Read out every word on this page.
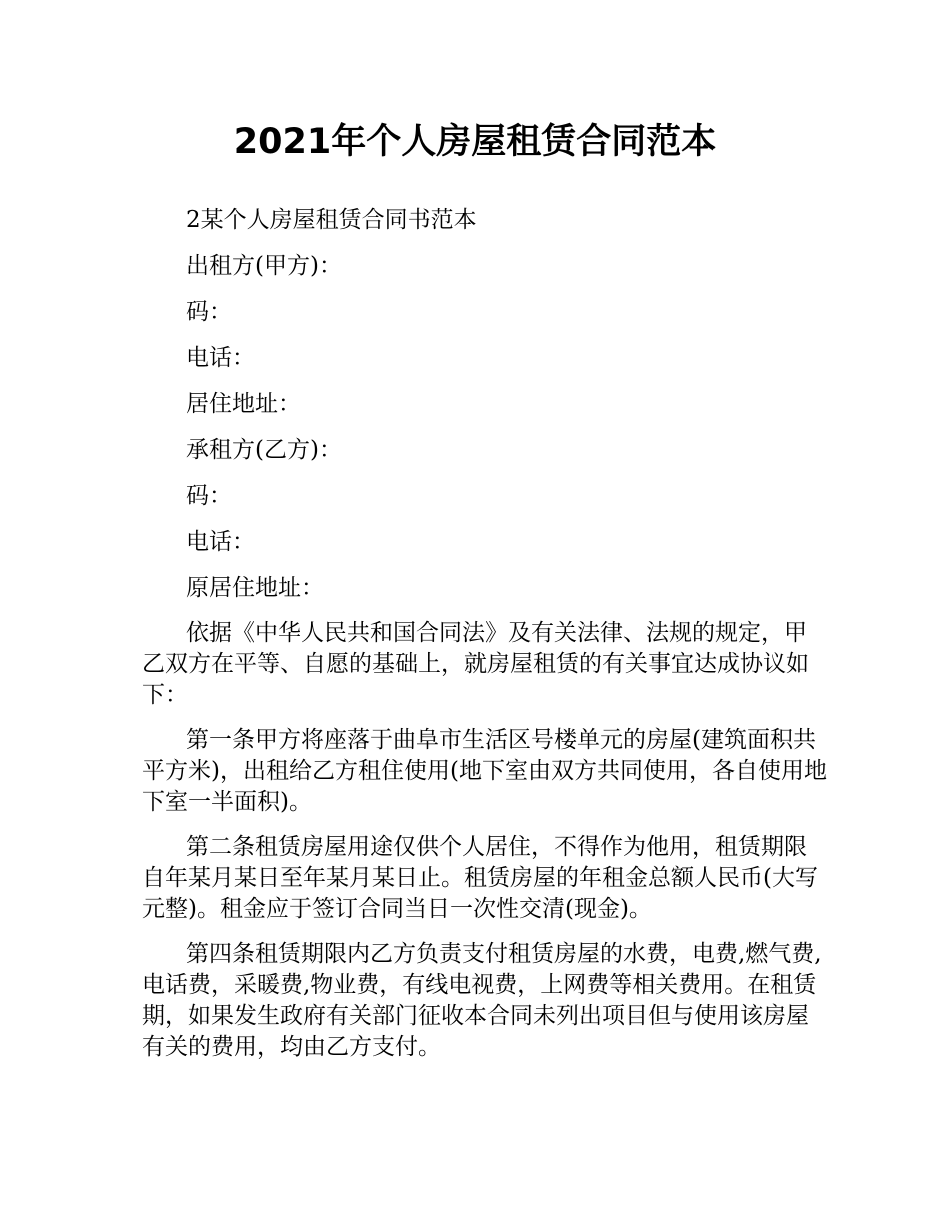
2021年个人房屋租赁合同范本

2某个人房屋租赁合同书范本

出租方(甲方)：

码：

电话：

居住地址：

承租方(乙方)：

码：

电话：

原居住地址：

依据《中华人民共和国合同法》及有关法律、法规的规定，甲乙双方在平等、自愿的基础上，就房屋租赁的有关事宜达成协议如下：

第一条甲方将座落于曲阜市生活区号楼单元的房屋(建筑面积共平方米)，出租给乙方租住使用(地下室由双方共同使用，各自使用地下室一半面积)。

第二条租赁房屋用途仅供个人居住，不得作为他用，租赁期限自年某月某日至年某月某日止。租赁房屋的年租金总额人民币(大写元整)。租金应于签订合同当日一次性交清(现金)。

第四条租赁期限内乙方负责支付租赁房屋的水费，电费,燃气费,电话费，采暖费,物业费，有线电视费，上网费等相关费用。在租赁期，如果发生政府有关部门征收本合同未列出项目但与使用该房屋有关的费用，均由乙方支付。
